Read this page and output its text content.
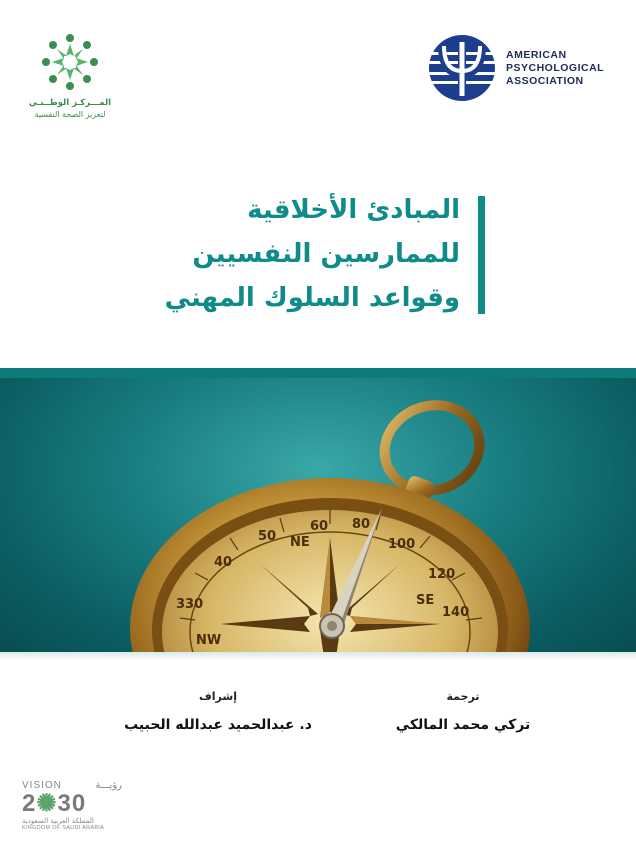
المـــركـز الوطــنـي
لتعزيز الصحة النفسية
AMERICAN
PSYCHOLOGICAL
ASSOCIATION
المبادئ الأخلاقية
للممارسين النفسيين
وقواعد السلوك المهني
60
50
40
330
NW
NE
SE
140
120
100
80
ترجمة
تركي محمد المالكي
إشراف
د. عبدالحميد عبدالله الحبيب
VISION	رؤيـــة
2✺30
المملكة العربية السعودية
KINGDOM OF SAUDI ARABIA
